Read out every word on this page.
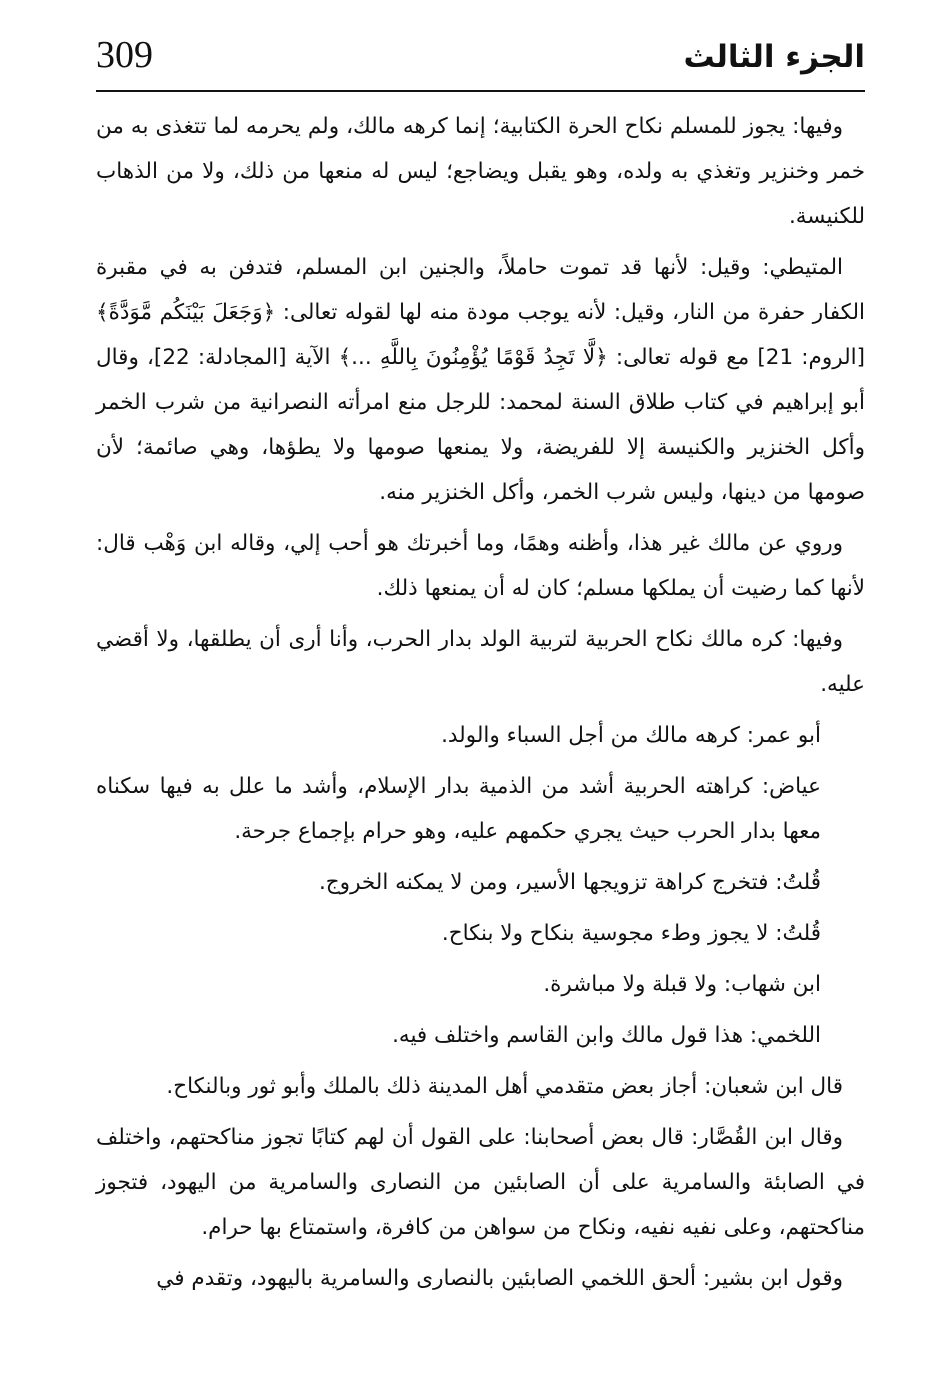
309	الجزء الثالث

وفيها: يجوز للمسلم نكاح الحرة الكتابية؛ إنما كرهه مالك، ولم يحرمه لما تتغذى به من خمر وخنزير وتغذي به ولده، وهو يقبل ويضاجع؛ ليس له منعها من ذلك، ولا من الذهاب للكنيسة.

المتيطي: وقيل: لأنها قد تموت حاملاً، والجنين ابن المسلم، فتدفن به في مقبرة الكفار حفرة من النار، وقيل: لأنه يوجب مودة منه لها لقوله تعالى: ﴿وَجَعَلَ بَيْنَكُم مَّوَدَّةً﴾ [الروم: 21] مع قوله تعالى: ﴿لَّا تَجِدُ قَوْمًا يُؤْمِنُونَ بِاللَّهِ ...﴾ الآية [المجادلة: 22]، وقال أبو إبراهيم في كتاب طلاق السنة لمحمد: للرجل منع امرأته النصرانية من شرب الخمر وأكل الخنزير والكنيسة إلا للفريضة، ولا يمنعها صومها ولا يطؤها، وهي صائمة؛ لأن صومها من دينها، وليس شرب الخمر، وأكل الخنزير منه.

وروي عن مالك غير هذا، وأظنه وهمًا، وما أخبرتك هو أحب إلي، وقاله ابن وَهْب قال: لأنها كما رضيت أن يملكها مسلم؛ كان له أن يمنعها ذلك.

وفيها: كره مالك نكاح الحربية لتربية الولد بدار الحرب، وأنا أرى أن يطلقها، ولا أقضي عليه.

أبو عمر: كرهه مالك من أجل السباء والولد.

عياض: كراهته الحربية أشد من الذمية بدار الإسلام، وأشد ما علل به فيها سكناه معها بدار الحرب حيث يجري حكمهم عليه، وهو حرام بإجماع جرحة.

قُلتُ: فتخرج كراهة تزويجها الأسير، ومن لا يمكنه الخروج.

قُلتُ: لا يجوز وطء مجوسية بنكاح ولا بنكاح.

ابن شهاب: ولا قبلة ولا مباشرة.

اللخمي: هذا قول مالك وابن القاسم واختلف فيه.

قال ابن شعبان: أجاز بعض متقدمي أهل المدينة ذلك بالملك وأبو ثور وبالنكاح.

وقال ابن القُصَّار: قال بعض أصحابنا: على القول أن لهم كتابًا تجوز مناكحتهم، واختلف في الصابئة والسامرية على أن الصابئين من النصارى والسامرية من اليهود، فتجوز مناكحتهم، وعلى نفيه نفيه، ونكاح من سواهن من كافرة، واستمتاع بها حرام.

وقول ابن بشير: ألحق اللخمي الصابئين بالنصارى والسامرية باليهود، وتقدم في
